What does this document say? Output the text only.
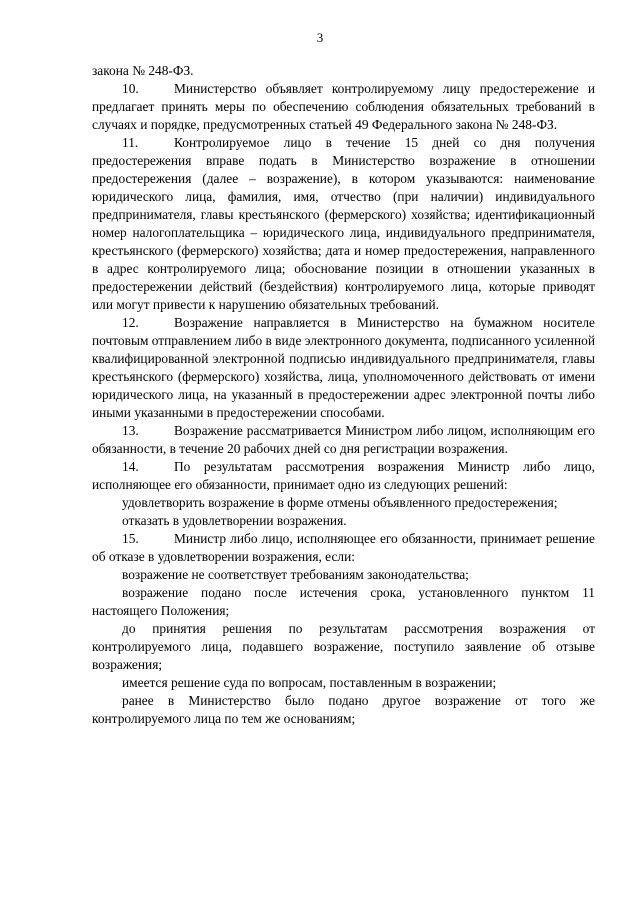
3

закона № 248-ФЗ.

10.	Министерство объявляет контролируемому лицу предостережение и предлагает принять меры по обеспечению соблюдения обязательных требований в случаях и порядке, предусмотренных статьей 49 Федерального закона № 248-ФЗ.

11.	Контролируемое лицо в течение 15 дней со дня получения предостережения вправе подать в Министерство возражение в отношении предостережения (далее – возражение), в котором указываются: наименование юридического лица, фамилия, имя, отчество (при наличии) индивидуального предпринимателя, главы крестьянского (фермерского) хозяйства; идентификационный номер налогоплательщика – юридического лица, индивидуального предпринимателя, крестьянского (фермерского) хозяйства; дата и номер предостережения, направленного в адрес контролируемого лица; обоснование позиции в отношении указанных в предостережении действий (бездействия) контролируемого лица, которые приводят или могут привести к нарушению обязательных требований.

12.	Возражение направляется в Министерство на бумажном носителе почтовым отправлением либо в виде электронного документа, подписанного усиленной квалифицированной электронной подписью индивидуального предпринимателя, главы крестьянского (фермерского) хозяйства, лица, уполномоченного действовать от имени юридического лица, на указанный в предостережении адрес электронной почты либо иными указанными в предостережении способами.

13.	Возражение рассматривается Министром либо лицом, исполняющим его обязанности, в течение 20 рабочих дней со дня регистрации возражения.

14.	По результатам рассмотрения возражения Министр либо лицо, исполняющее его обязанности, принимает одно из следующих решений:

удовлетворить возражение в форме отмены объявленного предостережения;

отказать в удовлетворении возражения.

15.	Министр либо лицо, исполняющее его обязанности, принимает решение об отказе в удовлетворении возражения, если:

возражение не соответствует требованиям законодательства;

возражение подано после истечения срока, установленного пунктом 11 настоящего Положения;

до принятия решения по результатам рассмотрения возражения от контролируемого лица, подавшего возражение, поступило заявление об отзыве возражения;

имеется решение суда по вопросам, поставленным в возражении;

ранее в Министерство было подано другое возражение от того же контролируемого лица по тем же основаниям;
